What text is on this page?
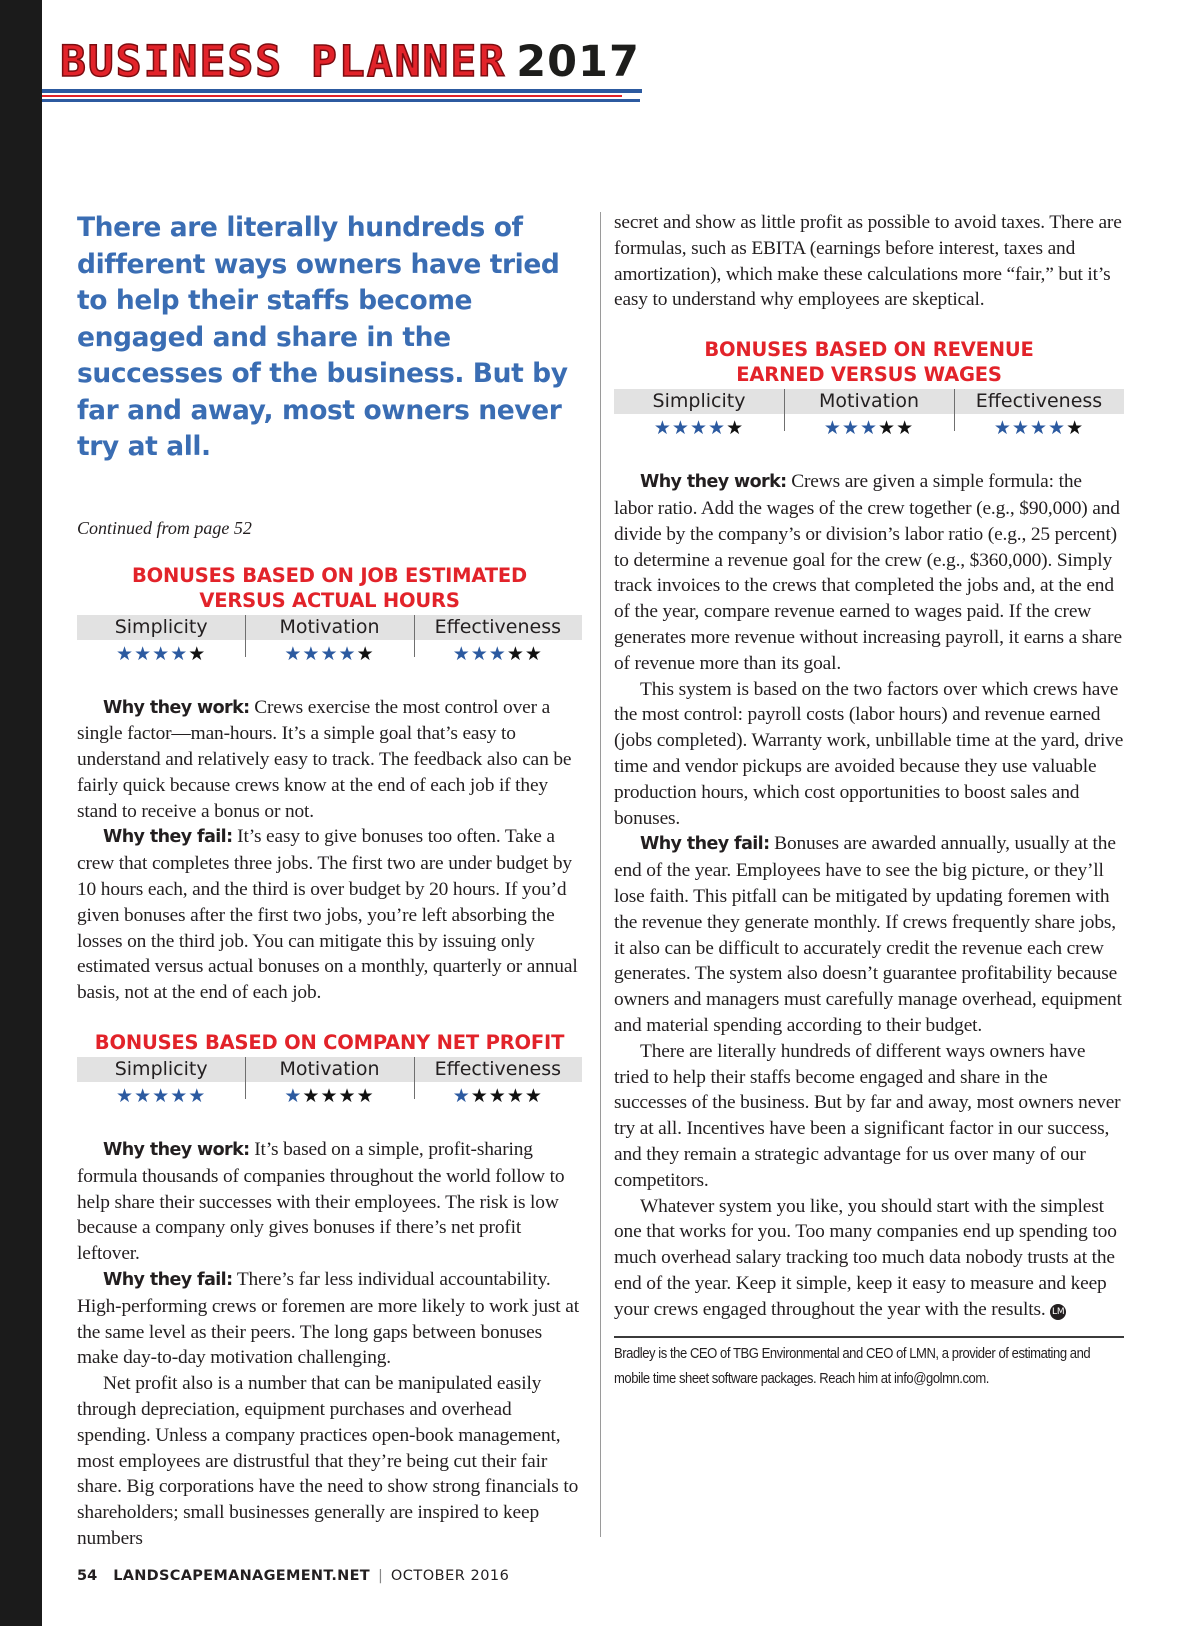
BUSINESS PLANNER 2017

There are literally hundreds of different ways owners have tried to help their staffs become engaged and share in the successes of the business. But by far and away, most owners never try at all.

Continued from page 52
BONUSES BASED ON JOB ESTIMATED VERSUS ACTUAL HOURS
Simplicity
★★★★★
Motivation
★★★★★
Effectiveness
★★★★★

Why they work: Crews exercise the most control over a single factor—man-hours. It’s a simple goal that’s easy to understand and relatively easy to track. The feedback also can be fairly quick because crews know at the end of each job if they stand to receive a bonus or not.

Why they fail: It’s easy to give bonuses too often. Take a crew that completes three jobs. The first two are under budget by 10 hours each, and the third is over budget by 20 hours. If you’d given bonuses after the first two jobs, you’re left absorbing the losses on the third job. You can mitigate this by issuing only estimated versus actual bonuses on a monthly, quarterly or annual basis, not at the end of each job.

BONUSES BASED ON COMPANY NET PROFIT
Simplicity
★★★★★
Motivation
★★★★★
Effectiveness
★★★★★

Why they work: It’s based on a simple, profit-sharing formula thousands of companies throughout the world follow to help share their successes with their employees. The risk is low because a company only gives bonuses if there’s net profit leftover.

Why they fail: There’s far less individual accountability. High-performing crews or foremen are more likely to work just at the same level as their peers. The long gaps between bonuses make day-to-day motivation challenging.

Net profit also is a number that can be manipulated easily through depreciation, equipment purchases and overhead spending. Unless a company practices open-book management, most employees are distrustful that they’re being cut their fair share. Big corporations have the need to show strong financials to shareholders; small businesses generally are inspired to keep numbers

secret and show as little profit as possible to avoid taxes. There are formulas, such as EBITA (earnings before interest, taxes and amortization), which make these calculations more “fair,” but it’s easy to understand why employees are skeptical.

BONUSES BASED ON REVENUE EARNED VERSUS WAGES
Simplicity
★★★★★
Motivation
★★★★★
Effectiveness
★★★★★

Why they work: Crews are given a simple formula: the labor ratio. Add the wages of the crew together (e.g., $90,000) and divide by the company’s or division’s labor ratio (e.g., 25 percent) to determine a revenue goal for the crew (e.g., $360,000). Simply track invoices to the crews that completed the jobs and, at the end of the year, compare revenue earned to wages paid. If the crew generates more revenue without increasing payroll, it earns a share of revenue more than its goal.

This system is based on the two factors over which crews have the most control: payroll costs (labor hours) and revenue earned (jobs completed). Warranty work, unbillable time at the yard, drive time and vendor pickups are avoided because they use valuable production hours, which cost opportunities to boost sales and bonuses.

Why they fail: Bonuses are awarded annually, usually at the end of the year. Employees have to see the big picture, or they’ll lose faith. This pitfall can be mitigated by updating foremen with the revenue they generate monthly. If crews frequently share jobs, it also can be difficult to accurately credit the revenue each crew generates. The system also doesn’t guarantee profitability because owners and managers must carefully manage overhead, equipment and material spending according to their budget.

There are literally hundreds of different ways owners have tried to help their staffs become engaged and share in the successes of the business. But by far and away, most owners never try at all. Incentives have been a significant factor in our success, and they remain a strategic advantage for us over many of our competitors.

Whatever system you like, you should start with the simplest one that works for you. Too many companies end up spending too much overhead salary tracking too much data nobody trusts at the end of the year. Keep it simple, keep it easy to measure and keep your crews engaged throughout the year with the results. LM

Bradley is the CEO of TBG Environmental and CEO of LMN, a provider of estimating and mobile time sheet software packages. Reach him at info@golmn.com.
54 LANDSCAPEMANAGEMENT.NET | OCTOBER 2016
